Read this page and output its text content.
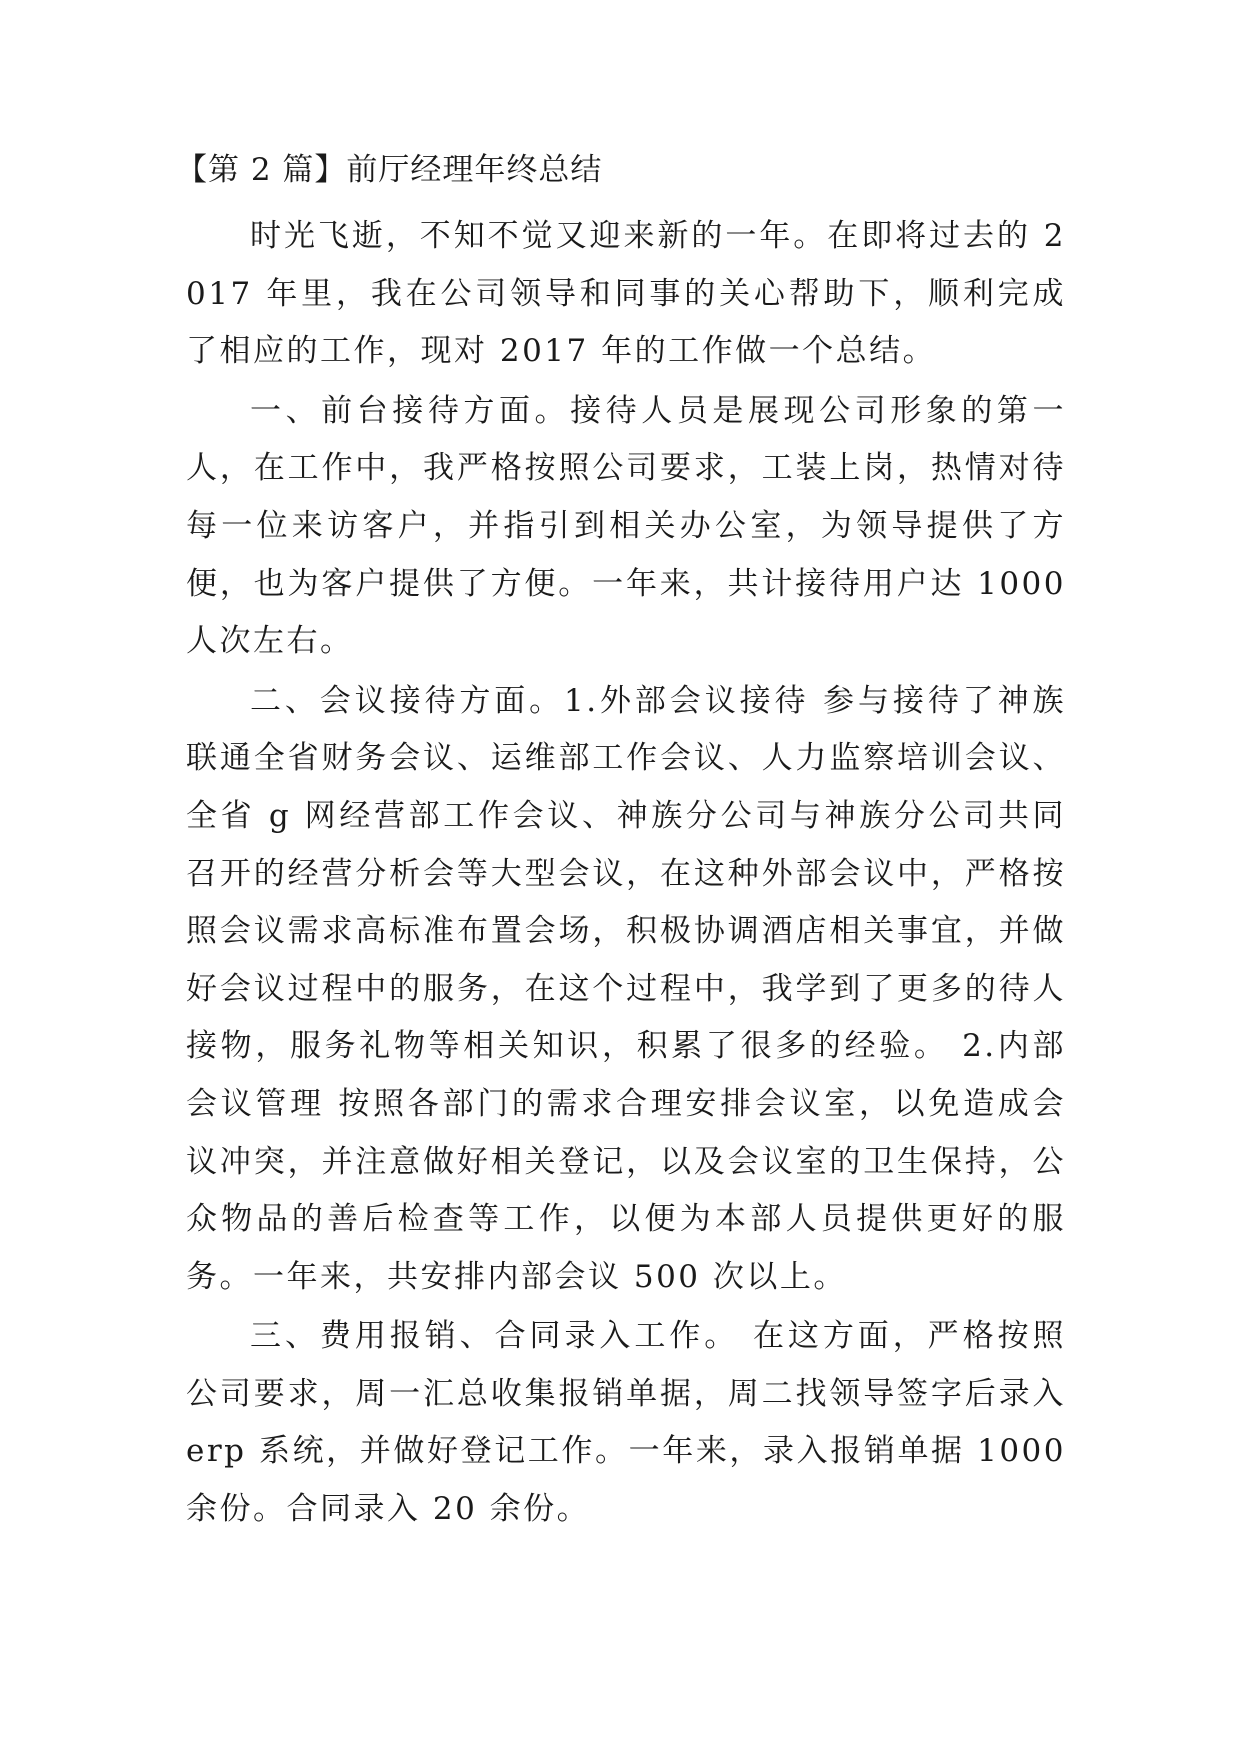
【第 2 篇】前厅经理年终总结

时光飞逝，不知不觉又迎来新的一年。在即将过去的 2017 年里，我在公司领导和同事的关心帮助下，顺利完成了相应的工作，现对 2017 年的工作做一个总结。

一、前台接待方面。接待人员是展现公司形象的第一人，在工作中，我严格按照公司要求，工装上岗，热情对待每一位来访客户，并指引到相关办公室，为领导提供了方便，也为客户提供了方便。一年来，共计接待用户达 1000 人次左右。

二、会议接待方面。1.外部会议接待 参与接待了神族联通全省财务会议、运维部工作会议、人力监察培训会议、全省 g 网经营部工作会议、神族分公司与神族分公司共同召开的经营分析会等大型会议，在这种外部会议中，严格按照会议需求高标准布置会场，积极协调酒店相关事宜，并做好会议过程中的服务，在这个过程中，我学到了更多的待人接物，服务礼物等相关知识，积累了很多的经验。 2.内部会议管理 按照各部门的需求合理安排会议室，以免造成会议冲突，并注意做好相关登记，以及会议室的卫生保持，公众物品的善后检查等工作，以便为本部人员提供更好的服务。一年来，共安排内部会议 500 次以上。

三、费用报销、合同录入工作。 在这方面，严格按照公司要求，周一汇总收集报销单据，周二找领导签字后录入 erp 系统，并做好登记工作。一年来，录入报销单据 1000 余份。合同录入 20 余份。
